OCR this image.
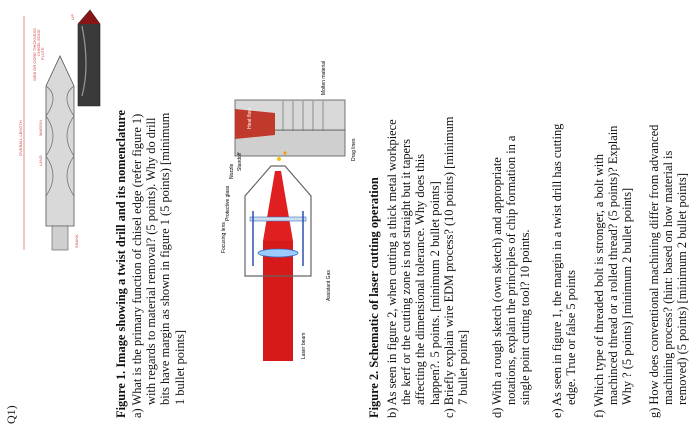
Q1)
OVERALL LENGTH
FLUTE
CHISEL EDGE
WEB OR CORE THICKNESS
LIP
LAND
MARGIN
SHANK	Figure 1. Image showing a twist drill and its nomenclature a) What is the primary function of chisel edge (refer figure 1) with regards to material removal? (5 points). Why do drill bits have margin as shown in figure 1 (5 points) [minimum 1 bullet points]
Focusing lens
Protective glass
Nozzle
Standoff
Heat flow
Laser beam
Assistant Gas
Drag lines
Molten material
Figure 2. Schematic of laser cutting operation b) As seen in figure 2, when cutting a thick metal workpiece the kerf or the cutting zone is not straight but it tapers affecting the dimensional tolerance. Why does this happen?. 5 points. [minimum 2 bullet points] c) Briefly explain wire EDM process? (10 points) [minimum 7 bullet points] d) With a rough sketch (own sketch) and appropriate notations, explain the principles of chip formation in a single point cutting tool? 10 points. e) As seen in figure 1, the margin in a twist drill has cutting edge. True or false 5 points f) Which type of threaded bolt is stronger, a bolt with machinced thread or a rolled thread? (5 points)? Explain Why ? (5 points) [minimum 2 bullet points] g) How does conventional machining differ from advanced machining process? (hint: based on how material is removed) (5 points) [minimum 2 bullet points]
